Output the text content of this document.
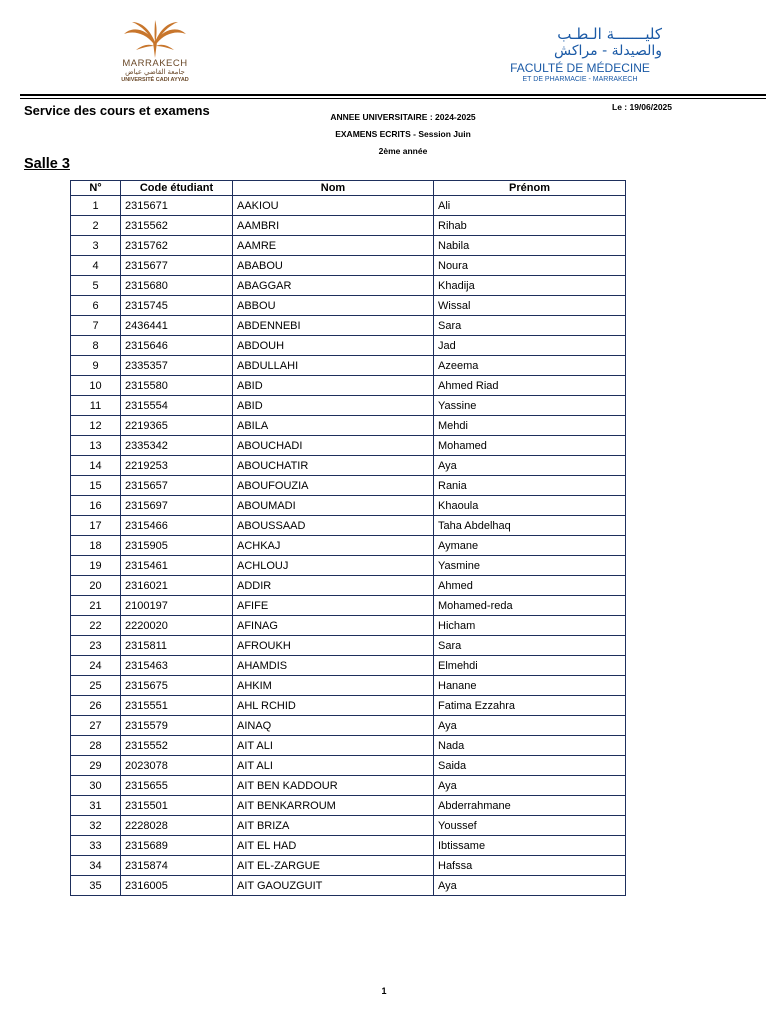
MARRAKECH
جامعة القاضي عياض
UNIVERSITÉ CADI AYYAD
كليـــــــة الـطـب
والصيدلة - مراكش
FACULTÉ DE MÉDECINE
ET DE PHARMACIE - MARRAKECH
Service des cours et examens	ANNEE UNIVERSITAIRE : 2024-2025
EXAMENS ECRITS - Session Juin
2ème année
Le : 19/06/2025
Salle 3
N°	Code étudiant	Nom	Prénom
1	2315671	AAKIOU	Ali
2	2315562	AAMBRI	Rihab
3	2315762	AAMRE	Nabila
4	2315677	ABABOU	Noura
5	2315680	ABAGGAR	Khadija
6	2315745	ABBOU	Wissal
7	2436441	ABDENNEBI	Sara
8	2315646	ABDOUH	Jad
9	2335357	ABDULLAHI	Azeema
10	2315580	ABID	Ahmed Riad
11	2315554	ABID	Yassine
12	2219365	ABILA	Mehdi
13	2335342	ABOUCHADI	Mohamed
14	2219253	ABOUCHATIR	Aya
15	2315657	ABOUFOUZIA	Rania
16	2315697	ABOUMADI	Khaoula
17	2315466	ABOUSSAAD	Taha Abdelhaq
18	2315905	ACHKAJ	Aymane
19	2315461	ACHLOUJ	Yasmine
20	2316021	ADDIR	Ahmed
21	2100197	AFIFE	Mohamed-reda
22	2220020	AFINAG	Hicham
23	2315811	AFROUKH	Sara
24	2315463	AHAMDIS	Elmehdi
25	2315675	AHKIM	Hanane
26	2315551	AHL RCHID	Fatima Ezzahra
27	2315579	AINAQ	Aya
28	2315552	AIT ALI	Nada
29	2023078	AIT ALI	Saida
30	2315655	AIT BEN KADDOUR	Aya
31	2315501	AIT BENKARROUM	Abderrahmane
32	2228028	AIT BRIZA	Youssef
33	2315689	AIT EL HAD	Ibtissame
34	2315874	AIT EL-ZARGUE	Hafssa
35	2316005	AIT GAOUZGUIT	Aya
1
